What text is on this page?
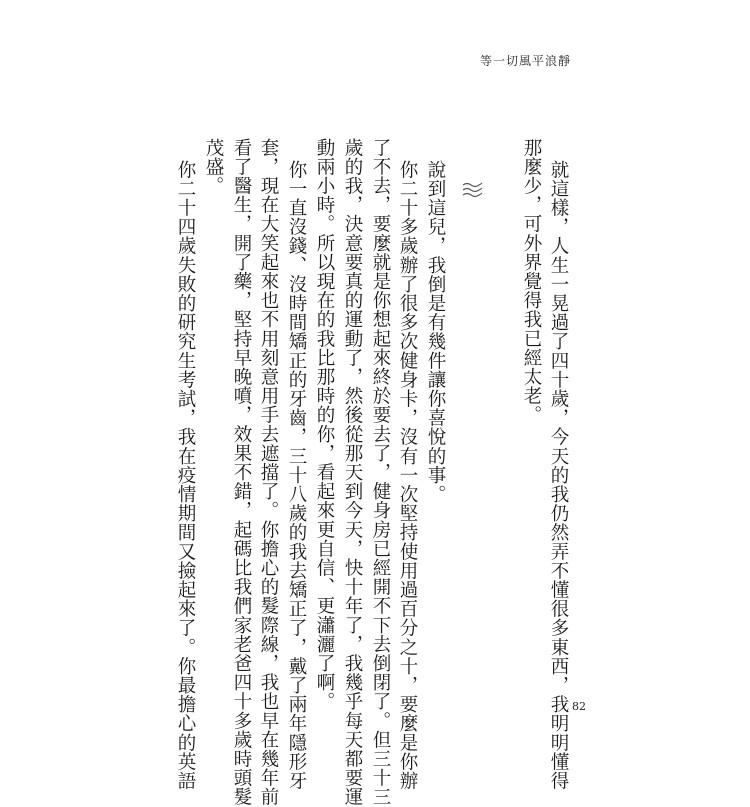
等一切風平浪靜
就這樣，人生一晃過了四十歲，今天的我仍然弄不懂很多東西，我明明懂得
那麼少，可外界覺得我已經太老。
說到這兒，我倒是有幾件讓你喜悅的事。
你二十多歲辦了很多次健身卡，沒有一次堅持使用過百分之十，要麼是你辦
了不去，要麼就是你想起來終於要去了，健身房已經開不下去倒閉了。但三十三
歲的我，決意要真的運動了，然後從那天到今天，快十年了，我幾乎每天都要運
動兩小時。所以現在的我比那時的你，看起來更自信、更瀟灑了啊。
你一直沒錢、沒時間矯正的牙齒，三十八歲的我去矯正了，戴了兩年隱形牙
套，現在大笑起來也不用刻意用手去遮擋了。你擔心的髮際線，我也早在幾年前
看了醫生，開了藥，堅持早晚噴，效果不錯，起碼比我們家老爸四十多歲時頭髮
茂盛。
你二十四歲失敗的研究生考試，我在疫情期間又撿起來了。你最擔心的英語	82
